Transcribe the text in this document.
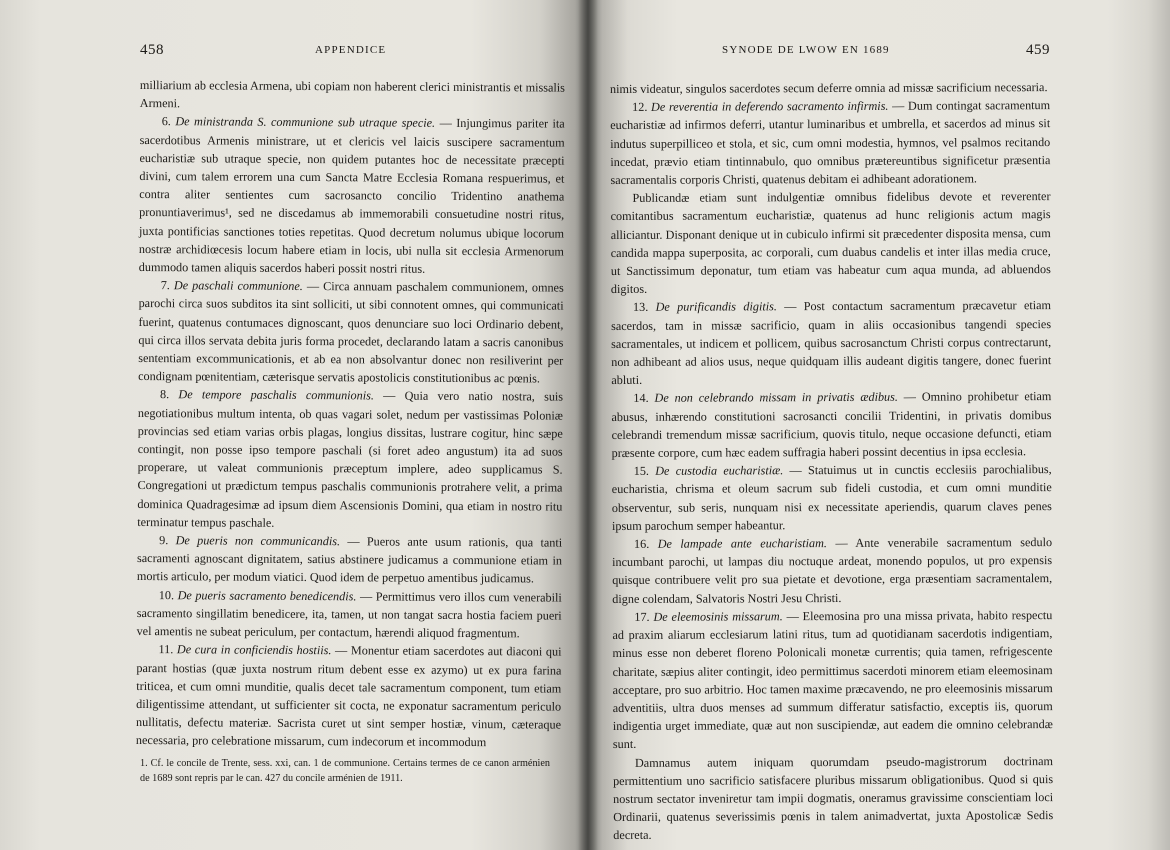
458	APPENDICE

milliarium ab ecclesia Armena, ubi copiam non haberent clerici ministrantis et missalis Armeni.

6. De ministranda S. communione sub utraque specie. — Injungimus pariter ita sacerdotibus Armenis ministrare, ut et clericis vel laicis suscipere sacramentum eucharistiæ sub utraque specie, non quidem putantes hoc de necessitate præcepti divini, cum talem errorem una cum Sancta Matre Ecclesia Romana respuerimus, et contra aliter sentientes cum sacrosancto concilio Tridentino anathema pronuntiaverimus¹, sed ne discedamus ab immemorabili consuetudine nostri ritus, juxta pontificias sanctiones toties repetitas. Quod decretum nolumus ubique locorum nostræ archidiœcesis locum habere etiam in locis, ubi nulla sit ecclesia Armenorum dummodo tamen aliquis sacerdos haberi possit nostri ritus.

7. De paschali communione. — Circa annuam paschalem communionem, omnes parochi circa suos subditos ita sint solliciti, ut sibi connotent omnes, qui communicati fuerint, quatenus contumaces dignoscant, quos denunciare suo loci Ordinario debent, qui circa illos servata debita juris forma procedet, declarando latam a sacris canonibus sententiam excommunicationis, et ab ea non absolvantur donec non resiliverint per condignam pœnitentiam, cæterisque servatis apostolicis constitutionibus ac pœnis.

8. De tempore paschalis communionis. — Quia vero natio nostra, suis negotiationibus multum intenta, ob quas vagari solet, nedum per vastissimas Poloniæ provincias sed etiam varias orbis plagas, longius dissitas, lustrare cogitur, hinc sæpe contingit, non posse ipso tempore paschali (si foret adeo angustum) ita ad suos properare, ut valeat communionis præceptum implere, adeo supplicamus S. Congregationi ut prædictum tempus paschalis communionis protrahere velit, a prima dominica Quadragesimæ ad ipsum diem Ascensionis Domini, qua etiam in nostro ritu terminatur tempus paschale.

9. De pueris non communicandis. — Pueros ante usum rationis, qua tanti sacramenti agnoscant dignitatem, satius abstinere judicamus a communione etiam in mortis articulo, per modum viatici. Quod idem de perpetuo amentibus judicamus.

10. De pueris sacramento benedicendis. — Permittimus vero illos cum venerabili sacramento singillatim benedicere, ita, tamen, ut non tangat sacra hostia faciem pueri vel amentis ne subeat periculum, per contactum, hærendi aliquod fragmentum.

11. De cura in conficiendis hostiis. — Monentur etiam sacerdotes aut diaconi qui parant hostias (quæ juxta nostrum ritum debent esse ex azymo) ut ex pura farina triticea, et cum omni munditie, qualis decet tale sacramentum component, tum etiam diligentissime attendant, ut sufficienter sit cocta, ne exponatur sacramentum periculo nullitatis, defectu materiæ. Sacrista curet ut sint semper hostiæ, vinum, cæteraque necessaria, pro celebratione missarum, cum indecorum et incommodum

1. Cf. le concile de Trente, sess. xxi, can. 1 de communione. Certains termes de ce canon arménien de 1689 sont repris par le can. 427 du concile arménien de 1911.

SYNODE DE LWOW EN 1689	459

nimis videatur, singulos sacerdotes secum deferre omnia ad missæ sacrificium necessaria.

12. De reverentia in deferendo sacramento infirmis. — Dum contingat sacramentum eucharistiæ ad infirmos deferri, utantur luminaribus et umbrella, et sacerdos ad minus sit indutus superpilliceo et stola, et sic, cum omni modestia, hymnos, vel psalmos recitando incedat, prævio etiam tintinnabulo, quo omnibus prætereuntibus significetur præsentia sacramentalis corporis Christi, quatenus debitam ei adhibeant adorationem.

Publicandæ etiam sunt indulgentiæ omnibus fidelibus devote et reverenter comitantibus sacramentum eucharistiæ, quatenus ad hunc religionis actum magis alliciantur. Disponant denique ut in cubiculo infirmi sit præcedenter disposita mensa, cum candida mappa superposita, ac corporali, cum duabus candelis et inter illas media cruce, ut Sanctissimum deponatur, tum etiam vas habeatur cum aqua munda, ad abluendos digitos.

13. De purificandis digitis. — Post contactum sacramentum præcavetur etiam sacerdos, tam in missæ sacrificio, quam in aliis occasionibus tangendi species sacramentales, ut indicem et pollicem, quibus sacrosanctum Christi corpus contrectarunt, non adhibeant ad alios usus, neque quidquam illis audeant digitis tangere, donec fuerint abluti.

14. De non celebrando missam in privatis ædibus. — Omnino prohibetur etiam abusus, inhærendo constitutioni sacrosancti concilii Tridentini, in privatis domibus celebrandi tremendum missæ sacrificium, quovis titulo, neque occasione defuncti, etiam præsente corpore, cum hæc eadem suffragia haberi possint decentius in ipsa ecclesia.

15. De custodia eucharistiæ. — Statuimus ut in cunctis ecclesiis parochialibus, eucharistia, chrisma et oleum sacrum sub fideli custodia, et cum omni munditie observentur, sub seris, nunquam nisi ex necessitate aperiendis, quarum claves penes ipsum parochum semper habeantur.

16. De lampade ante eucharistiam. — Ante venerabile sacramentum sedulo incumbant parochi, ut lampas diu noctuque ardeat, monendo populos, ut pro expensis quisque contribuere velit pro sua pietate et devotione, erga præsentiam sacramentalem, digne colendam, Salvatoris Nostri Jesu Christi.

17. De eleemosinis missarum. — Eleemosina pro una missa privata, habito respectu ad praxim aliarum ecclesiarum latini ritus, tum ad quotidianam sacerdotis indigentiam, minus esse non deberet floreno Polonicali monetæ currentis; quia tamen, refrigescente charitate, sæpius aliter contingit, ideo permittimus sacerdoti minorem etiam eleemosinam acceptare, pro suo arbitrio. Hoc tamen maxime præcavendo, ne pro eleemosinis missarum adventitiis, ultra duos menses ad summum differatur satisfactio, exceptis iis, quorum indigentia urget immediate, quæ aut non suscipiendæ, aut eadem die omnino celebrandæ sunt.

Damnamus autem iniquam quorumdam pseudo-magistrorum doctrinam permittentium uno sacrificio satisfacere pluribus missarum obligationibus. Quod si quis nostrum sectator inveniretur tam impii dogmatis, oneramus gravissime conscientiam loci Ordinarii, quatenus severissimis pœnis in talem animadvertat, juxta Apostolicæ Sedis decreta.
